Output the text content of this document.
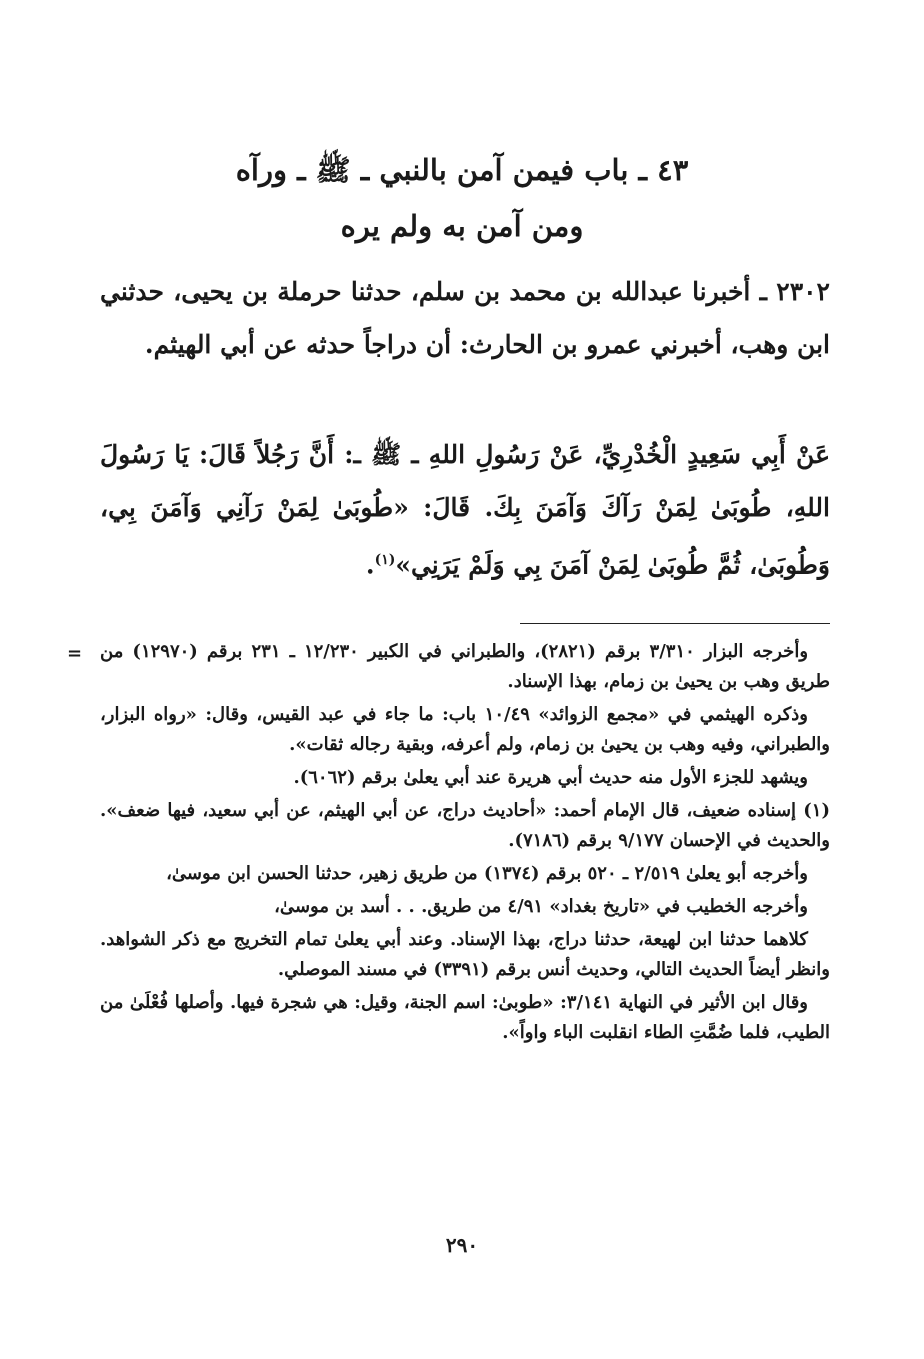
٤٣ ـ باب فيمن آمن بالنبي ـ ﷺ ـ ورآه
ومن آمن به ولم يره
٢٣٠٢ ـ أخبرنا عبدالله بن محمد بن سلم، حدثنا حرملة بن يحيى، حدثني ابن وهب، أخبرني عمرو بن الحارث: أن دراجاً حدثه عن أبي الهيثم.
عَنْ أَبِي سَعِيدٍ الْخُدْرِيِّ، عَنْ رَسُولِ اللهِ ـ ﷺ ـ: أَنَّ رَجُلاً قَالَ: يَا رَسُولَ اللهِ، طُوبَىٰ لِمَنْ رَآكَ وَآمَنَ بِكَ. قَالَ: «طُوبَىٰ لِمَنْ رَآنِي وَآمَنَ بِي، وَطُوبَىٰ، ثُمَّ طُوبَىٰ لِمَنْ آمَنَ بِي وَلَمْ يَرَنِي»$^{(١)}$.
= وأخرجه البزار ٣/٣١٠ برقم (٢٨٢١)، والطبراني في الكبير ١٢/٢٣٠ ـ ٢٣١ برقم (١٢٩٧٠) من طريق وهب بن يحيىٰ بن زمام، بهذا الإسناد.

وذكره الهيثمي في «مجمع الزوائد» ١٠/٤٩ باب: ما جاء في عبد القيس، وقال: «رواه البزار، والطبراني، وفيه وهب بن يحيىٰ بن زمام، ولم أعرفه، وبقية رجاله ثقات».

ويشهد للجزء الأول منه حديث أبي هريرة عند أبي يعلىٰ برقم (٦٠٦٢).

(١) إسناده ضعيف، قال الإمام أحمد: «أحاديث دراج، عن أبي الهيثم، عن أبي سعيد، فيها ضعف». والحديث في الإحسان ٩/١٧٧ برقم (٧١٨٦).

وأخرجه أبو يعلىٰ ٢/٥١٩ ـ ٥٢٠ برقم (١٣٧٤) من طريق زهير، حدثنا الحسن ابن موسىٰ،

وأخرجه الخطيب في «تاريخ بغداد» ٤/٩١ من طريق. . . أسد بن موسىٰ،

كلاهما حدثنا ابن لهيعة، حدثنا دراج، بهذا الإسناد. وعند أبي يعلىٰ تمام التخريج مع ذكر الشواهد. وانظر أيضاً الحديث التالي، وحديث أنس برقم (٣٣٩١) في مسند الموصلي.

وقال ابن الأثير في النهاية ٣/١٤١: «طوبىٰ: اسم الجنة، وقيل: هي شجرة فيها. وأصلها فُعْلَىٰ من الطيب، فلما ضُمَّتِ الطاء انقلبت الباء واواً».

٢٩٠
